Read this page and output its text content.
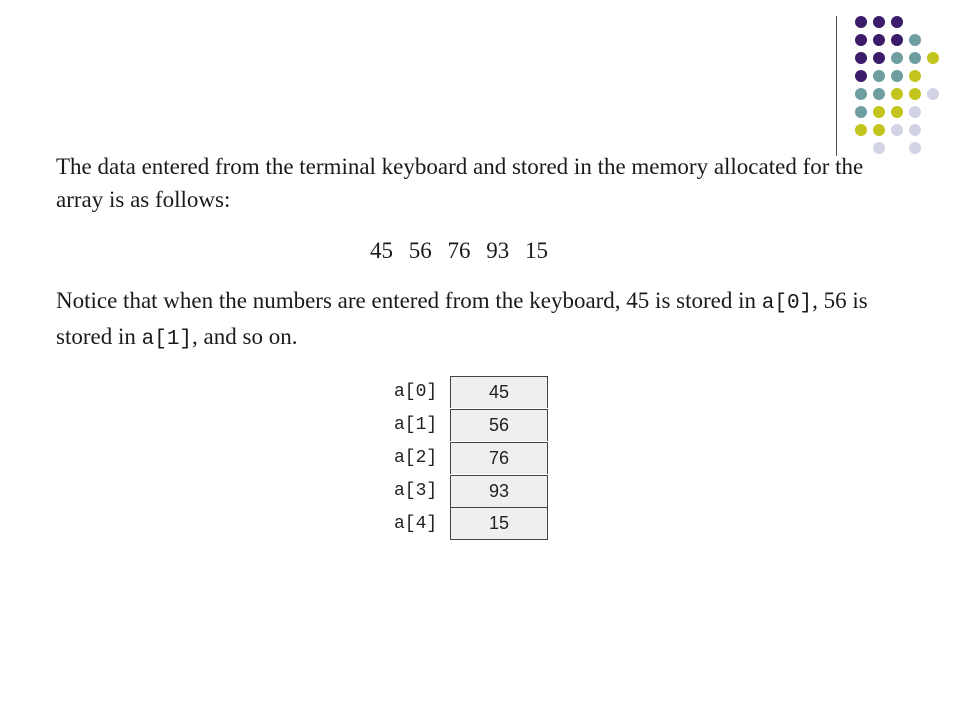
The data entered from the terminal keyboard and stored in the memory allocated for the array is as follows:

45 56 76 93 15

Notice that when the numbers are entered from the keyboard, 45 is stored in a[0], 56 is stored in a[1], and so on.

a[0]	45
a[1]	56
a[2]	76
a[3]	93
a[4]	15
